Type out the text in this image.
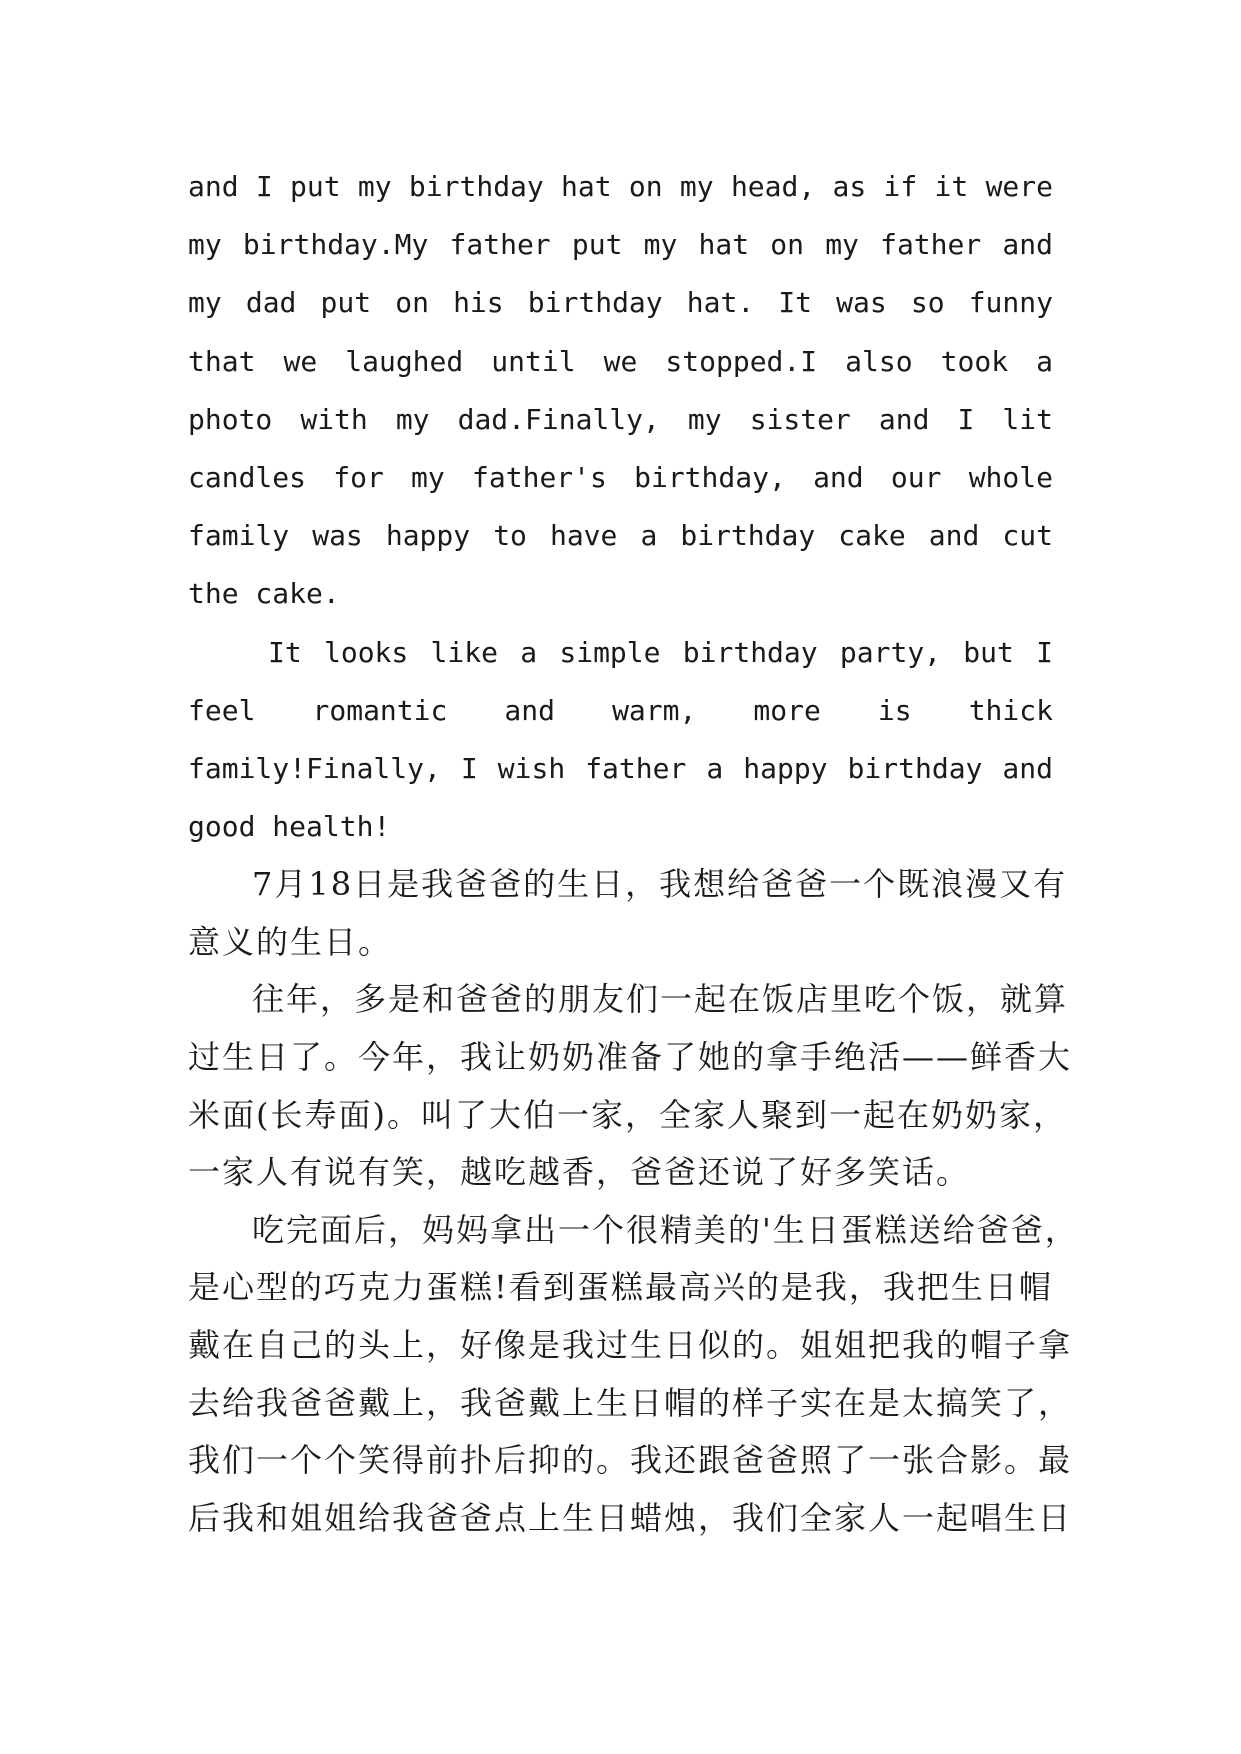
and I put my birthday hat on my head, as if it were
my birthday.My father put my hat on my father and
my dad put on his birthday hat. It was so funny
that we laughed until we stopped.I also took a
photo with my dad.Finally, my sister and I lit
candles for my father's birthday, and our whole
family was happy to have a birthday cake and cut
the cake.

It looks like a simple birthday party, but I
feel romantic and warm, more is thick
family!Finally, I wish father a happy birthday and
good health!

7月18日是我爸爸的生日，我想给爸爸一个既浪漫又有
意义的生日。

往年，多是和爸爸的朋友们一起在饭店里吃个饭，就算
过生日了。今年，我让奶奶准备了她的拿手绝活——鲜香大
米面(长寿面)。叫了大伯一家，全家人聚到一起在奶奶家，
一家人有说有笑，越吃越香，爸爸还说了好多笑话。

吃完面后，妈妈拿出一个很精美的'生日蛋糕送给爸爸，
是心型的巧克力蛋糕!看到蛋糕最高兴的是我，我把生日帽
戴在自己的头上，好像是我过生日似的。姐姐把我的帽子拿
去给我爸爸戴上，我爸戴上生日帽的样子实在是太搞笑了，
我们一个个笑得前扑后抑的。我还跟爸爸照了一张合影。最
后我和姐姐给我爸爸点上生日蜡烛，我们全家人一起唱生日
